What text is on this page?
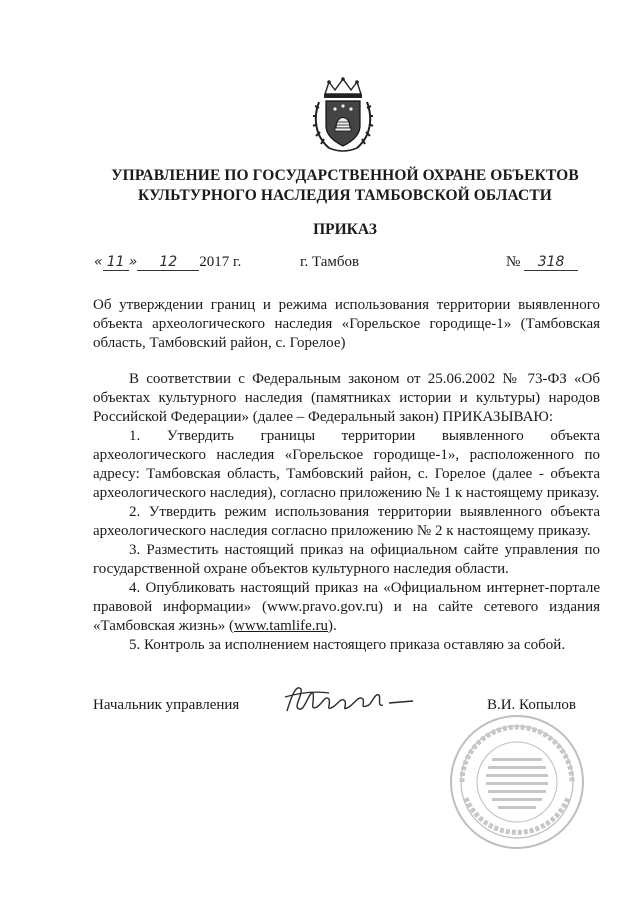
УПРАВЛЕНИЕ ПО ГОСУДАРСТВЕННОЙ ОХРАНЕ ОБЪЕКТОВ
КУЛЬТУРНОГО НАСЛЕДИЯ ТАМБОВСКОЙ ОБЛАСТИ
ПРИКАЗ
« 11 » 12 2017 г.	г. Тамбов	№ 318
Об утверждении границ и режима использования территории выявленного объекта археологического наследия «Горельское городище-1» (Тамбовская область, Тамбовский район, с. Горелое)

В соответствии с Федеральным законом от 25.06.2002 № 73-ФЗ «Об объектах культурного наследия (памятниках истории и культуры) народов Российской Федерации» (далее – Федеральный закон) ПРИКАЗЫВАЮ:

1. Утвердить границы территории выявленного объекта археологического наследия «Горельское городище-1», расположенного по адресу: Тамбовская область, Тамбовский район, с. Горелое (далее - объекта археологического наследия), согласно приложению № 1 к настоящему приказу.

2. Утвердить режим использования территории выявленного объекта археологического наследия согласно приложению № 2 к настоящему приказу.

3. Разместить настоящий приказ на официальном сайте управления по государственной охране объектов культурного наследия области.

4. Опубликовать настоящий приказ на «Официальном интернет-портале правовой информации» (www.pravo.gov.ru) и на сайте сетевого издания «Тамбовская жизнь» (www.tamlife.ru).

5. Контроль за исполнением настоящего приказа оставляю за собой.

Начальник управления	В.И. Копылов
